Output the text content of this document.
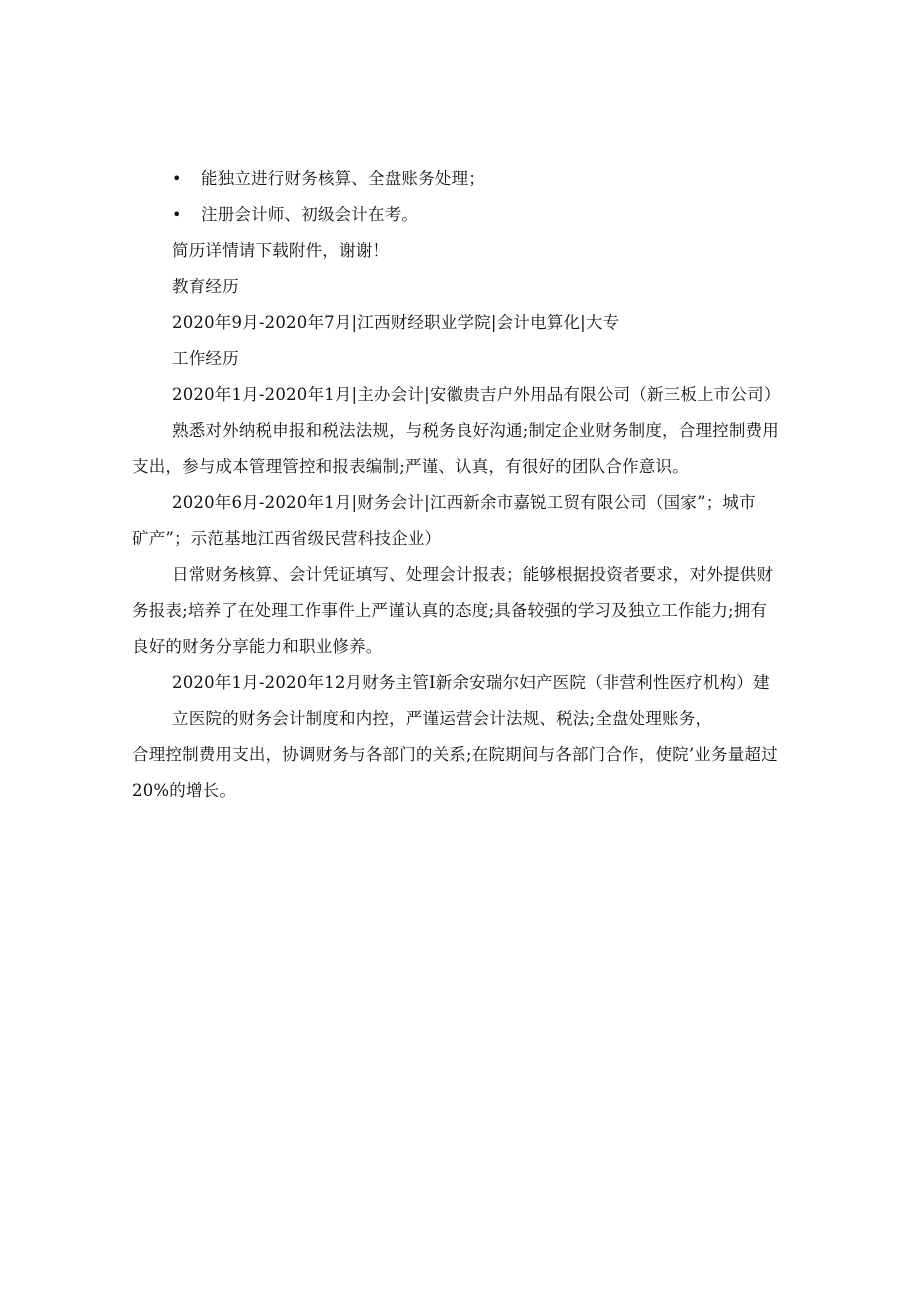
• 能独立进行财务核算、全盘账务处理；
• 注册会计师、初级会计在考。
简历详情请下载附件，谢谢！
教育经历
2020年9月-2020年7月|江西财经职业学院|会计电算化|大专
工作经历
2020年1月-2020年1月|主办会计|安徽贵吉户外用品有限公司（新三板上市公司）
熟悉对外纳税申报和税法法规，与税务良好沟通;制定企业财务制度，合理控制费用
支出，参与成本管理管控和报表编制;严谨、认真，有很好的团队合作意识。
2020年6月-2020年1月|财务会计|江西新余市嘉锐工贸有限公司（国家”；城市
矿产”；示范基地江西省级民营科技企业）
日常财务核算、会计凭证填写、处理会计报表；能够根据投资者要求，对外提供财
务报表;培养了在处理工作事件上严谨认真的态度;具备较强的学习及独立工作能力;拥有
良好的财务分享能力和职业修养。
2020年1月-2020年12月财务主管I新余安瑞尔妇产医院（非营利性医疗机构）建
立医院的财务会计制度和内控，严谨运营会计法规、税法;全盘处理账务，
合理控制费用支出，协调财务与各部门的关系;在院期间与各部门合作，使院’业务量超过
20%的增长。
